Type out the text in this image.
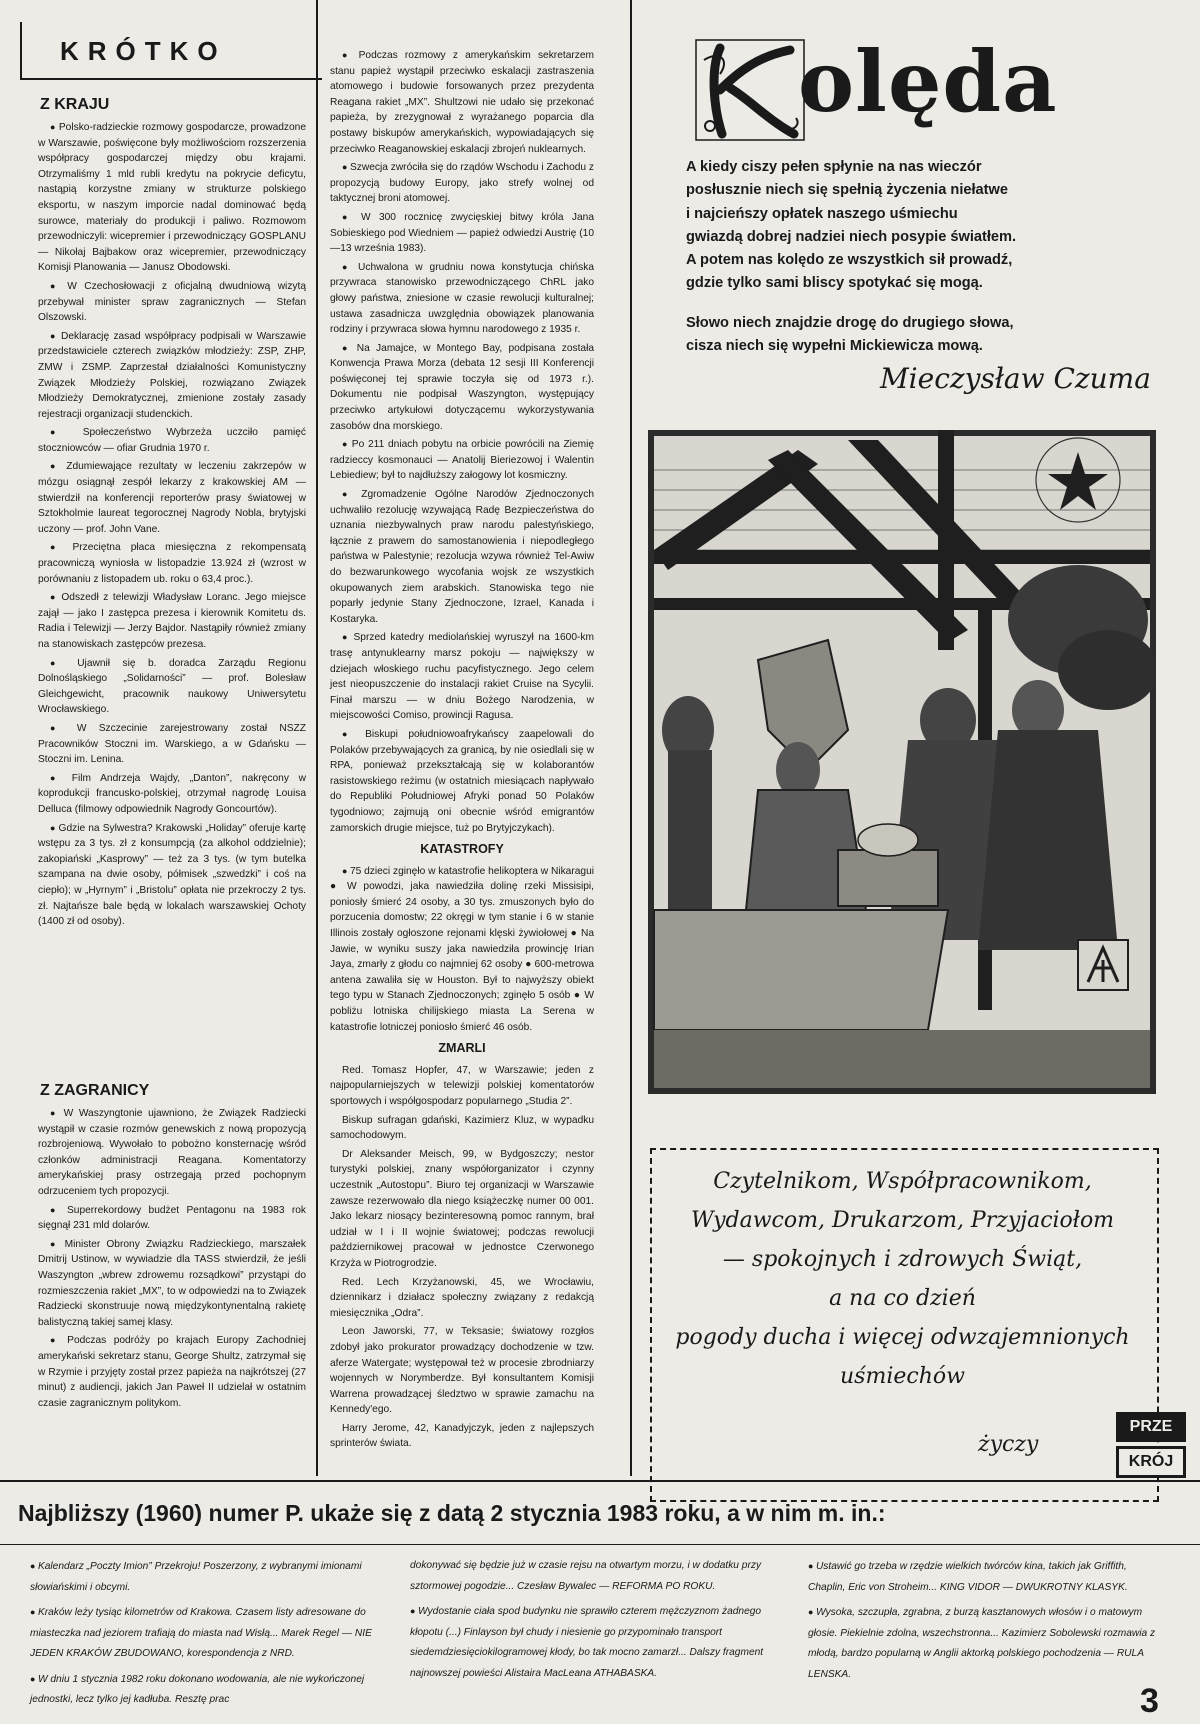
KRÓTKO
Z KRAJU

● Polsko-radzieckie rozmowy gospodarcze, prowadzone w Warszawie, poświęcone były możliwościom rozszerzenia współpracy gospodarczej między obu krajami. Otrzymaliśmy 1 mld rubli kredytu na pokrycie deficytu, nastąpią korzystne zmiany w strukturze polskiego eksportu, w naszym imporcie nadal dominować będą surowce, materiały do produkcji i paliwo. Rozmowom przewodniczyli: wicepremier i przewodniczący GOSPLANU — Nikołaj Bajbakow oraz wicepremier, przewodniczący Komisji Planowania — Janusz Obodowski.

● W Czechosłowacji z oficjalną dwudniową wizytą przebywał minister spraw zagranicznych — Stefan Olszowski.

● Deklarację zasad współpracy podpisali w Warszawie przedstawiciele czterech związków młodzieży: ZSP, ZHP, ZMW i ZSMP. Zaprzestał działalności Komunistyczny Związek Młodzieży Polskiej, rozwiązano Związek Młodzieży Demokratycznej, zmienione zostały zasady rejestracji organizacji studenckich.

● Społeczeństwo Wybrzeża uczciło pamięć stoczniowców — ofiar Grudnia 1970 r.

● Zdumiewające rezultaty w leczeniu zakrzepów w mózgu osiągnął zespół lekarzy z krakowskiej AM — stwierdził na konferencji reporterów prasy światowej w Sztokholmie laureat tegorocznej Nagrody Nobla, brytyjski uczony — prof. John Vane.

● Przeciętna płaca miesięczna z rekompensatą pracowniczą wyniosła w listopadzie 13.924 zł (wzrost w porównaniu z listopadem ub. roku o 63,4 proc.).

● Odszedł z telewizji Władysław Loranc. Jego miejsce zajął — jako I zastępca prezesa i kierownik Komitetu ds. Radia i Telewizji — Jerzy Bajdor. Nastąpiły również zmiany na stanowiskach zastępców prezesa.

● Ujawnił się b. doradca Zarządu Regionu Dolnośląskiego „Solidarności” — prof. Bolesław Gleichgewicht, pracownik naukowy Uniwersytetu Wrocławskiego.

● W Szczecinie zarejestrowany został NSZZ Pracowników Stoczni im. Warskiego, a w Gdańsku — Stoczni im. Lenina.

● Film Andrzeja Wajdy, „Danton”, nakręcony w koprodukcji francusko-polskiej, otrzymał nagrodę Louisa Delluca (filmowy odpowiednik Nagrody Goncourtów).

● Gdzie na Sylwestra? Krakowski „Holiday” oferuje kartę wstępu za 3 tys. zł z konsumpcją (za alkohol oddzielnie); zakopiański „Kasprowy” — też za 3 tys. (w tym butelka szampana na dwie osoby, półmisek „szwedzki” i coś na ciepło); w „Hyrnym” i „Bristolu” opłata nie przekroczy 2 tys. zł. Najtańsze bale będą w lokalach warszawskiej Ochoty (1400 zł od osoby).

Z ZAGRANICY

● W Waszyngtonie ujawniono, że Związek Radziecki wystąpił w czasie rozmów genewskich z nową propozycją rozbrojeniową. Wywołało to pobożno konsternację wśród członków administracji Reagana. Komentatorzy amerykańskiej prasy ostrzegają przed pochopnym odrzuceniem tych propozycji.

● Superrekordowy budżet Pentagonu na 1983 rok sięgnął 231 mld dolarów.

● Minister Obrony Związku Radzieckiego, marszałek Dmitrij Ustinow, w wywiadzie dla TASS stwierdził, że jeśli Waszyngton „wbrew zdrowemu rozsądkowi” przystąpi do rozmieszczenia rakiet „MX”, to w odpowiedzi na to Związek Radziecki skonstruuje nową międzykontynentalną rakietę balistyczną takiej samej klasy.

● Podczas podróży po krajach Europy Zachodniej amerykański sekretarz stanu, George Shultz, zatrzymał się w Rzymie i przyjęty został przez papieża na najkrótszej (27 minut) z audiencji, jakich Jan Paweł II udzielał w ostatnim czasie zagranicznym politykom.

● Podczas rozmowy z amerykańskim sekretarzem stanu papież wystąpił przeciwko eskalacji zastraszenia atomowego i budowie forsowanych przez prezydenta Reagana rakiet „MX”. Shultzowi nie udało się przekonać papieża, by zrezygnował z wyrażanego poparcia dla postawy biskupów amerykańskich, wypowiadających się przeciwko Reaganowskiej eskalacji zbrojeń nuklearnych.

● Szwecja zwróciła się do rządów Wschodu i Zachodu z propozycją budowy Europy, jako strefy wolnej od taktycznej broni atomowej.

● W 300 rocznicę zwycięskiej bitwy króla Jana Sobieskiego pod Wiedniem — papież odwiedzi Austrię (10—13 września 1983).

● Uchwalona w grudniu nowa konstytucja chińska przywraca stanowisko przewodniczącego ChRL jako głowy państwa, zniesione w czasie rewolucji kulturalnej; ustawa zasadnicza uwzględnia obowiązek planowania rodziny i przywraca słowa hymnu narodowego z 1935 r.

● Na Jamajce, w Montego Bay, podpisana została Konwencja Prawa Morza (debata 12 sesji III Konferencji poświęconej tej sprawie toczyła się od 1973 r.). Dokumentu nie podpisał Waszyngton, występujący przeciwko artykułowi dotyczącemu wykorzystywania zasobów dna morskiego.

● Po 211 dniach pobytu na orbicie powrócili na Ziemię radzieccy kosmonauci — Anatolij Bieriezowoj i Walentin Lebiediew; był to najdłuższy załogowy lot kosmiczny.

● Zgromadzenie Ogólne Narodów Zjednoczonych uchwaliło rezolucję wzywającą Radę Bezpieczeństwa do uznania niezbywalnych praw narodu palestyńskiego, łącznie z prawem do samostanowienia i niepodległego państwa w Palestynie; rezolucja wzywa również Tel-Awiw do bezwarunkowego wycofania wojsk ze wszystkich okupowanych ziem arabskich. Stanowiska tego nie poparły jedynie Stany Zjednoczone, Izrael, Kanada i Kostaryka.

● Sprzed katedry mediolańskiej wyruszył na 1600-km trasę antynuklearny marsz pokoju — największy w dziejach włoskiego ruchu pacyfistycznego. Jego celem jest nieopuszczenie do instalacji rakiet Cruise na Sycylii. Finał marszu — w dniu Bożego Narodzenia, w miejscowości Comiso, prowincji Ragusa.

● Biskupi południowoafrykańscy zaapelowali do Polaków przebywających za granicą, by nie osiedlali się w RPA, ponieważ przekształcają się w kolaborantów rasistowskiego reżimu (w ostatnich miesiącach napływało do Republiki Południowej Afryki ponad 50 Polaków tygodniowo; zajmują oni obecnie wśród emigrantów zamorskich drugie miejsce, tuż po Brytyjczykach).

KATASTROFY

● 75 dzieci zginęło w katastrofie helikoptera w Nikaragui ● W powodzi, jaka nawiedziła dolinę rzeki Missisipi, poniosły śmierć 24 osoby, a 30 tys. zmuszonych było do porzucenia domostw; 22 okręgi w tym stanie i 6 w stanie Illinois zostały ogłoszone rejonami klęski żywiołowej ● Na Jawie, w wyniku suszy jaka nawiedziła prowincję Irian Jaya, zmarły z głodu co najmniej 62 osoby ● 600-metrowa antena zawaliła się w Houston. Był to najwyższy obiekt tego typu w Stanach Zjednoczonych; zginęło 5 osób ● W pobliżu lotniska chilijskiego miasta La Serena w katastrofie lotniczej poniosło śmierć 46 osób.

ZMARLI

Red. Tomasz Hopfer, 47, w Warszawie; jeden z najpopularniejszych w telewizji polskiej komentatorów sportowych i współgospodarz popularnego „Studia 2”.

Biskup sufragan gdański, Kazimierz Kluz, w wypadku samochodowym.

Dr Aleksander Meisch, 99, w Bydgoszczy; nestor turystyki polskiej, znany współorganizator i czynny uczestnik „Autostopu”. Biuro tej organizacji w Warszawie zawsze rezerwowało dla niego książeczkę numer 00 001. Jako lekarz niosący bezinteresowną pomoc rannym, brał udział w I i II wojnie światowej; podczas rewolucji październikowej pracował w jednostce Czerwonego Krzyża w Piotrogrodzie.

Red. Lech Krzyżanowski, 45, we Wrocławiu, dziennikarz i działacz społeczny związany z redakcją miesięcznika „Odra”.

Leon Jaworski, 77, w Teksasie; światowy rozgłos zdobył jako prokurator prowadzący dochodzenie w tzw. aferze Watergate; występował też w procesie zbrodniarzy wojennych w Norymberdze. Był konsultantem Komisji Warrena prowadzącej śledztwo w sprawie zamachu na Kennedy'ego.

Harry Jerome, 42, Kanadyjczyk, jeden z najlepszych sprinterów świata.

olęda
A kiedy ciszy pełen spłynie na nas wieczór
posłusznie niech się spełnią życzenia niełatwe
i najcieńszy opłatek naszego uśmiechu
gwiazdą dobrej nadziei niech posypie światłem.
A potem nas kolędo ze wszystkich sił prowadź,
gdzie tylko sami bliscy spotykać się mogą.
Słowo niech znajdzie drogę do drugiego słowa,
cisza niech się wypełni Mickiewicza mową.
Mieczysław Czuma
Czytelnikom, Współpracownikom,
Wydawcom, Drukarzom, Przyjaciołom
— spokojnych i zdrowych Świąt,
a na co dzień
pogody ducha i więcej odwzajemnionych
uśmiechów
życzy
PRZE
KRÓJ
Najbliższy (1960) numer P. ukaże się z datą 2 stycznia 1983 roku, a w nim m. in.:

● Kalendarz „Poczty Imion” Przekroju! Poszerzony, z wybranymi imionami słowiańskimi i obcymi.

● Kraków leży tysiąc kilometrów od Krakowa. Czasem listy adresowane do miasteczka nad jeziorem trafiają do miasta nad Wisłą... Marek Regel — NIE JEDEN KRAKÓW ZBUDOWANO, korespondencja z NRD.

● W dniu 1 stycznia 1982 roku dokonano wodowania, ale nie wykończonej jednostki, lecz tylko jej kadłuba. Resztę prac

dokonywać się będzie już w czasie rejsu na otwartym morzu, i w dodatku przy sztormowej pogodzie... Czesław Bywalec — REFORMA PO ROKU.

● Wydostanie ciała spod budynku nie sprawiło czterem mężczyznom żadnego kłopotu (...) Finlayson był chudy i niesienie go przypominało transport siedemdziesięciokilogramowej kłody, bo tak mocno zamarzł... Dalszy fragment najnowszej powieści Alistaira MacLeana ATHABASKA.

● Ustawić go trzeba w rzędzie wielkich twórców kina, takich jak Griffith, Chaplin, Eric von Stroheim... KING VIDOR — DWUKROTNY KLASYK.

● Wysoka, szczupła, zgrabna, z burzą kasztanowych włosów i o matowym głosie. Piekielnie zdolna, wszechstronna... Kazimierz Sobolewski rozmawia z młodą, bardzo popularną w Anglii aktorką polskiego pochodzenia — RULA LENSKA.

3
